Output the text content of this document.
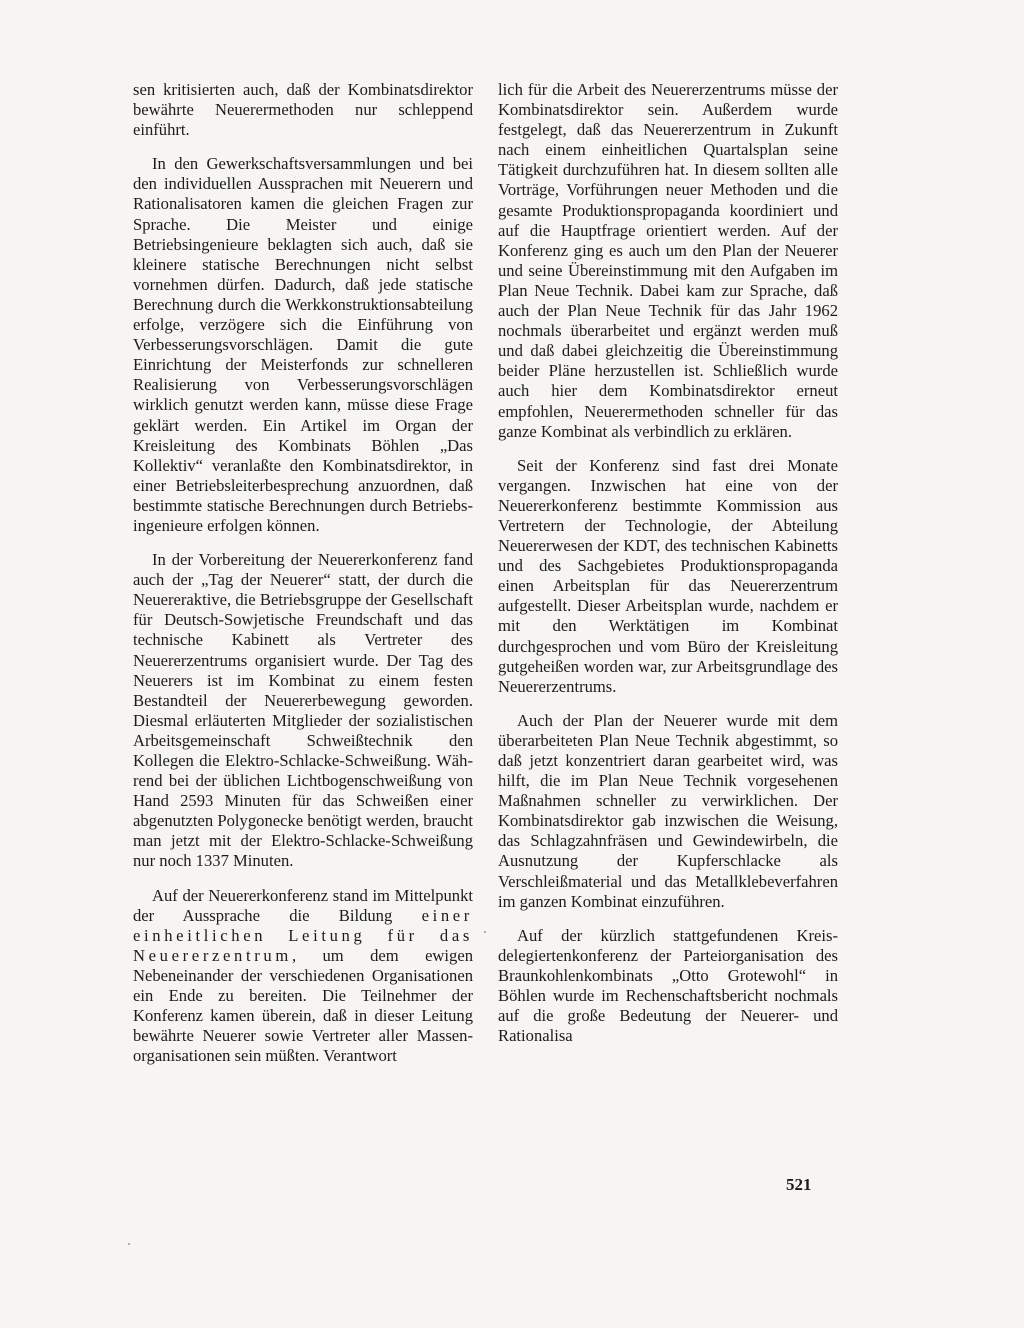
sen kritisierten auch, daß der Kombinatsdirektor bewährte Neuerermethoden nur schleppend einführt.

In den Gewerkschaftsversammlungen und bei den individuellen Aussprachen mit Neuerern und Rationalisatoren kamen die gleichen Fragen zur Sprache. Die Meister und einige Betriebsingenieure beklagten sich auch, daß sie kleinere statische Berechnungen nicht selbst vornehmen dürfen. Dadurch, daß jede statische Berechnung durch die Werkkonstruktionsabteilung erfolge, verzögere sich die Einführung von Verbesserungsvorschlägen. Damit die gute Einrichtung der Meisterfonds zur schnelleren Realisierung von Verbesserungsvorschlägen wirklich genutzt werden kann, müsse diese Frage geklärt werden. Ein Artikel im Organ der Kreisleitung des Kombinats Böhlen „Das Kollektiv“ veranlaßte den Kombinatsdirektor, in einer Betriebsleiterbesprechung anzuordnen, daß bestimmte statische Berechnungen durch Betriebsingenieure erfolgen können.

In der Vorbereitung der Neuererkonferenz fand auch der „Tag der Neuerer“ statt, der durch die Neuereraktive, die Betriebsgruppe der Gesellschaft für Deutsch-Sowjetische Freundschaft und das technische Kabinett als Vertreter des Neuererzentrums organisiert wurde. Der Tag des Neuerers ist im Kombinat zu einem festen Bestandteil der Neuererbewegung geworden. Diesmal erläuterten Mitglieder der sozialistischen Arbeitsgemeinschaft Schweißtechnik den Kollegen die Elektro-Schlacke-Schweißung. Während bei der üblichen Lichtbogenschweißung von Hand 2593 Minuten für das Schweißen einer abgenutzten Polygonecke benötigt werden, braucht man jetzt mit der Elektro-Schlacke-Schweißung nur noch 1337 Minuten.

Auf der Neuererkonferenz stand im Mittelpunkt der Aussprache die Bildung einer einheitlichen Leitung für das Neuererzentrum, um dem ewigen Nebeneinander der verschiedenen Organisationen ein Ende zu bereiten. Die Teilnehmer der Konferenz kamen überein, daß in dieser Leitung bewährte Neuerer sowie Vertreter aller Massenorganisationen sein müßten. Verantwort

lich für die Arbeit des Neuererzentrums müsse der Kombinatsdirektor sein. Außerdem wurde festgelegt, daß das Neuererzentrum in Zukunft nach einem einheitlichen Quartalsplan seine Tätigkeit durchzuführen hat. In diesem sollten alle Vorträge, Vorführungen neuer Methoden und die gesamte Produktionspropaganda koordiniert und auf die Hauptfrage orientiert werden. Auf der Konferenz ging es auch um den Plan der Neuerer und seine Übereinstimmung mit den Aufgaben im Plan Neue Technik. Dabei kam zur Sprache, daß auch der Plan Neue Technik für das Jahr 1962 nochmals überarbeitet und ergänzt werden muß und daß dabei gleichzeitig die Übereinstimmung beider Pläne herzustellen ist. Schließlich wurde auch hier dem Kombinatsdirektor erneut empfohlen, Neuerermethoden schneller für das ganze Kombinat als verbindlich zu erklären.

Seit der Konferenz sind fast drei Monate vergangen. Inzwischen hat eine von der Neuererkonferenz bestimmte Kommission aus Vertretern der Technologie, der Abteilung Neuererwesen der KDT, des technischen Kabinetts und des Sachgebietes Produktionspropaganda einen Arbeitsplan für das Neuererzentrum aufgestellt. Dieser Arbeitsplan wurde, nachdem er mit den Werktätigen im Kombinat durchgesprochen und vom Büro der Kreisleitung gutgeheißen worden war, zur Arbeitsgrundlage des Neuererzentrums.

Auch der Plan der Neuerer wurde mit dem überarbeiteten Plan Neue Technik abgestimmt, so daß jetzt konzentriert daran gearbeitet wird, was hilft, die im Plan Neue Technik vorgesehenen Maßnahmen schneller zu verwirklichen. Der Kombinatsdirektor gab inzwischen die Weisung, das Schlagzahnfräsen und Gewindewirbeln, die Ausnutzung der Kupferschlacke als Verschleißmaterial und das Metallklebeverfahren im ganzen Kombinat einzuführen.

Auf der kürzlich stattgefundenen Kreisdelegiertenkonferenz der Parteiorganisation des Braunkohlenkombinats „Otto Grotewohl“ in Böhlen wurde im Rechenschaftsbericht nochmals auf die große Bedeutung der Neuerer- und Rationalisa

521
